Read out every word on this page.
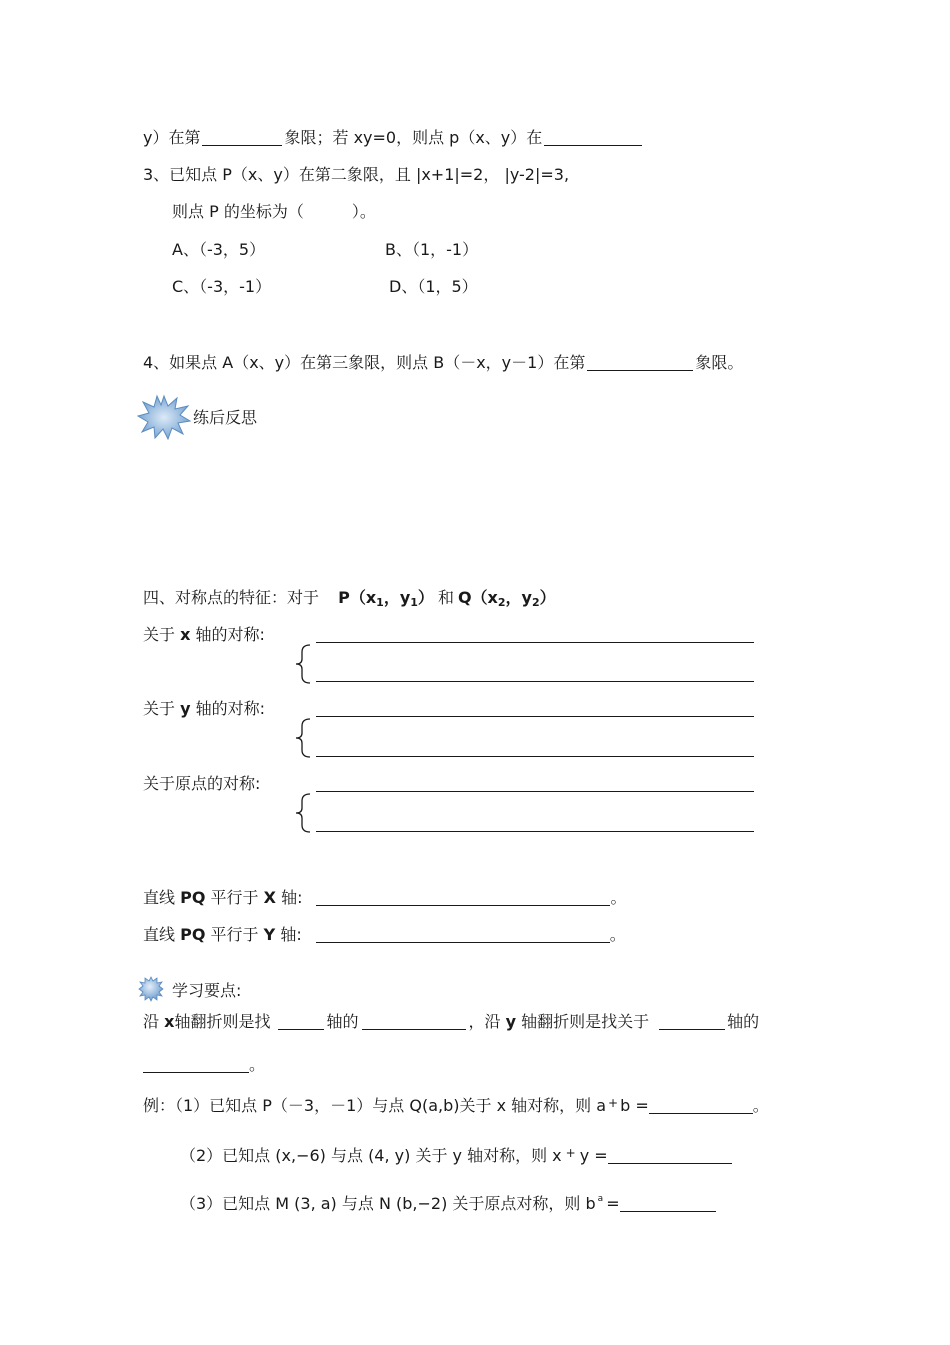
y）在第	象限；若 xy=0，则点 p（x、y）在
3、已知点 P（x、y）在第二象限，且 |x+1|=2， |y-2|=3,
则点 P 的坐标为（　　　）。
A、（-3，5）	B、（1，-1）
C、（-3，-1）	D、（1，5）
4、如果点 A（x、y）在第三象限，则点 B（－x，y－1）在第	象限。
练后反思
四、对称点的特征：对于 $P(x_1$，$y_1$） 和 $Q(x_2$，$y_2$）
关于 x 轴的对称:
关于 y 轴的对称:
关于原点的对称:
直线 PQ 平行于 X 轴:	。
直线 PQ 平行于 Y 轴:	。
学习要点:
沿 x轴翻折则是找	轴的	，沿 y 轴翻折则是找关于	轴的
。
例：（1）已知点 P（－3，－1）与点 Q(a,b)关于 x 轴对称，则 a + b =	。
（2）已知点 (x,−6) 与点 (4, y) 关于 y 轴对称，则 x + y =
（3）已知点 M (3, a) 与点 N (b,−2) 关于原点对称，则 b $^a$ =
